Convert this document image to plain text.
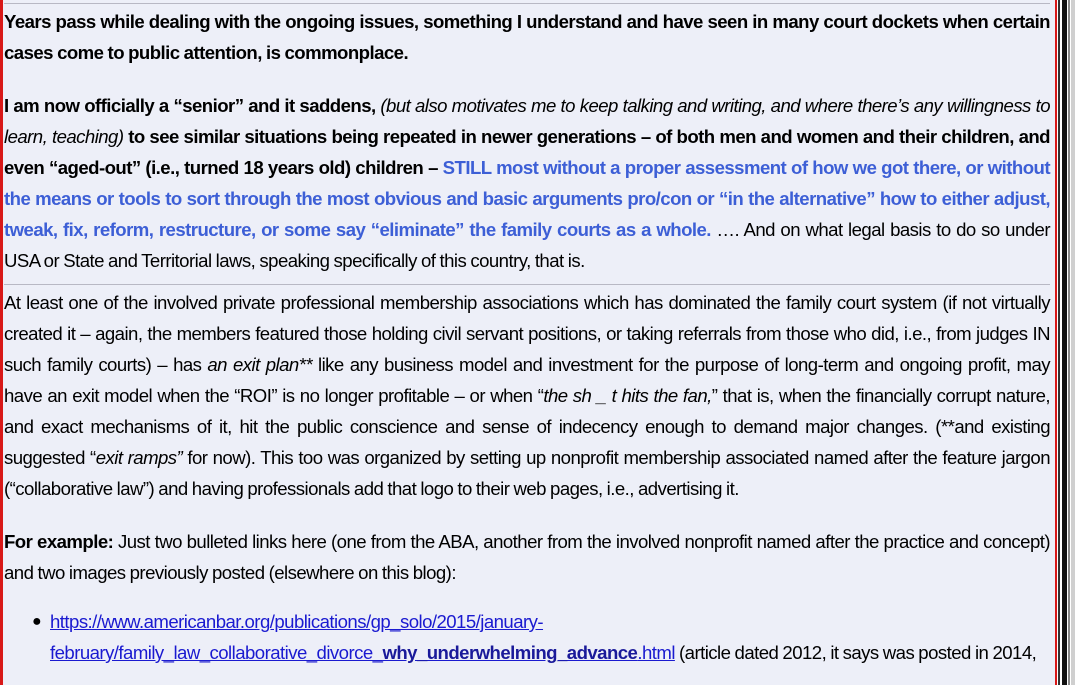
Years pass while dealing with the ongoing issues, something I understand and have seen in many court dockets when certain cases come to public attention, is commonplace.

I am now officially a “senior” and it saddens, (but also motivates me to keep talking and writing, and where there’s any willingness to learn, teaching) to see similar situations being repeated in newer generations – of both men and women and their children, and even “aged-out” (i.e., turned 18 years old) children – STILL most without a proper assessment of how we got there, or without the means or tools to sort through the most obvious and basic arguments pro/con or “in the alternative” how to either adjust, tweak, fix, reform, restructure, or some say “eliminate” the family courts as a whole. …. And on what legal basis to do so under USA or State and Territorial laws, speaking specifically of this country, that is.

At least one of the involved private professional membership associations which has dominated the family court system (if not virtually created it – again, the members featured those holding civil servant positions, or taking referrals from those who did, i.e., from judges IN such family courts) – has an exit plan** like any business model and investment for the purpose of long-term and ongoing profit, may have an exit model when the “ROI” is no longer profitable – or when “the sh _ t hits the fan,” that is, when the financially corrupt nature, and exact mechanisms of it, hit the public conscience and sense of indecency enough to demand major changes. (**and existing suggested “exit ramps” for now). This too was organized by setting up nonprofit membership associated named after the feature jargon (“collaborative law”) and having professionals add that logo to their web pages, i.e., advertising it.

For example: Just two bulleted links here (one from the ABA, another from the involved nonprofit named after the practice and concept) and two images previously posted (elsewhere on this blog):

● https://www.americanbar.org/publications/gp_solo/2015/january-february/family_law_collaborative_divorce_why_underwhelming_advance.html (article dated 2012, it says was posted in 2014,
